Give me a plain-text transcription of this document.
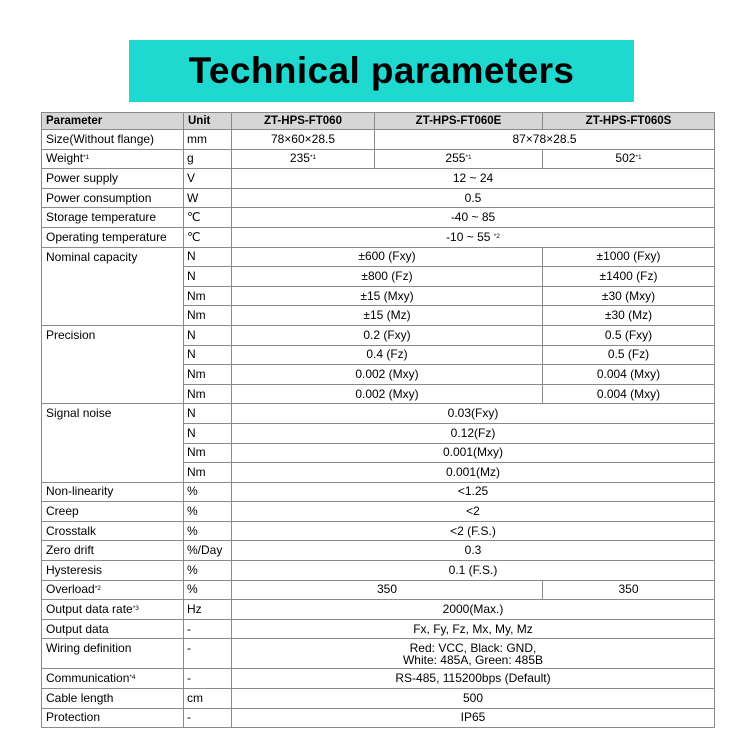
Technical parameters
Parameter	Unit	ZT-HPS-FT060	ZT-HPS-FT060E	ZT-HPS-FT060S
Size(Without flange)	mm	78×60×28.5	87×78×28.5	
Weight$^{*1}$	g	235$^{*1}$	255$^{*1}$	502$^{*1}$
Power supply	V	12 ~ 24		
Power consumption	W	0.5		
Storage temperature	℃	-40 ~ 85		
Operating temperature	℃	-10 ~ 55 $^{*2}$
Nominal capacity	N	±600 (Fxy)		±1000 (Fxy)
	N	±800 (Fz)		±1400 (Fz)
	Nm	±15 (Mxy)		±30 (Mxy)
	Nm	±15 (Mz)		±30 (Mz)
Precision	N	0.2 (Fxy)		0.5 (Fxy)
	N	0.4 (Fz)		0.5 (Fz)
	Nm	0.002 (Mxy)		0.004 (Mxy)
	Nm	0.002 (Mxy)		0.004 (Mxy)
Signal noise	N	0.03(Fxy)		
	N	0.12(Fz)		
	Nm	0.001(Mxy)		
	Nm	0.001(Mz)		
Non-linearity	%	<1.25		
Creep	%	<2		
Crosstalk	%	<2 (F.S.)		
Zero drift	%/Day	0.3		
Hysteresis	%	0.1 (F.S.)		
Overload$^{*2}$	%	350		350
Output data rate$^{*3}$	Hz	2000(Max.)		
Output data	-	Fx, Fy, Fz, Mx, My, Mz		
Wiring definition	-	Red: VCC, Black: GND, White: 485A, Green: 485B		
Communication$^{*4}$	-	RS-485, 115200bps (Default)		
Cable length	cm	500		
Protection	-	IP65		
